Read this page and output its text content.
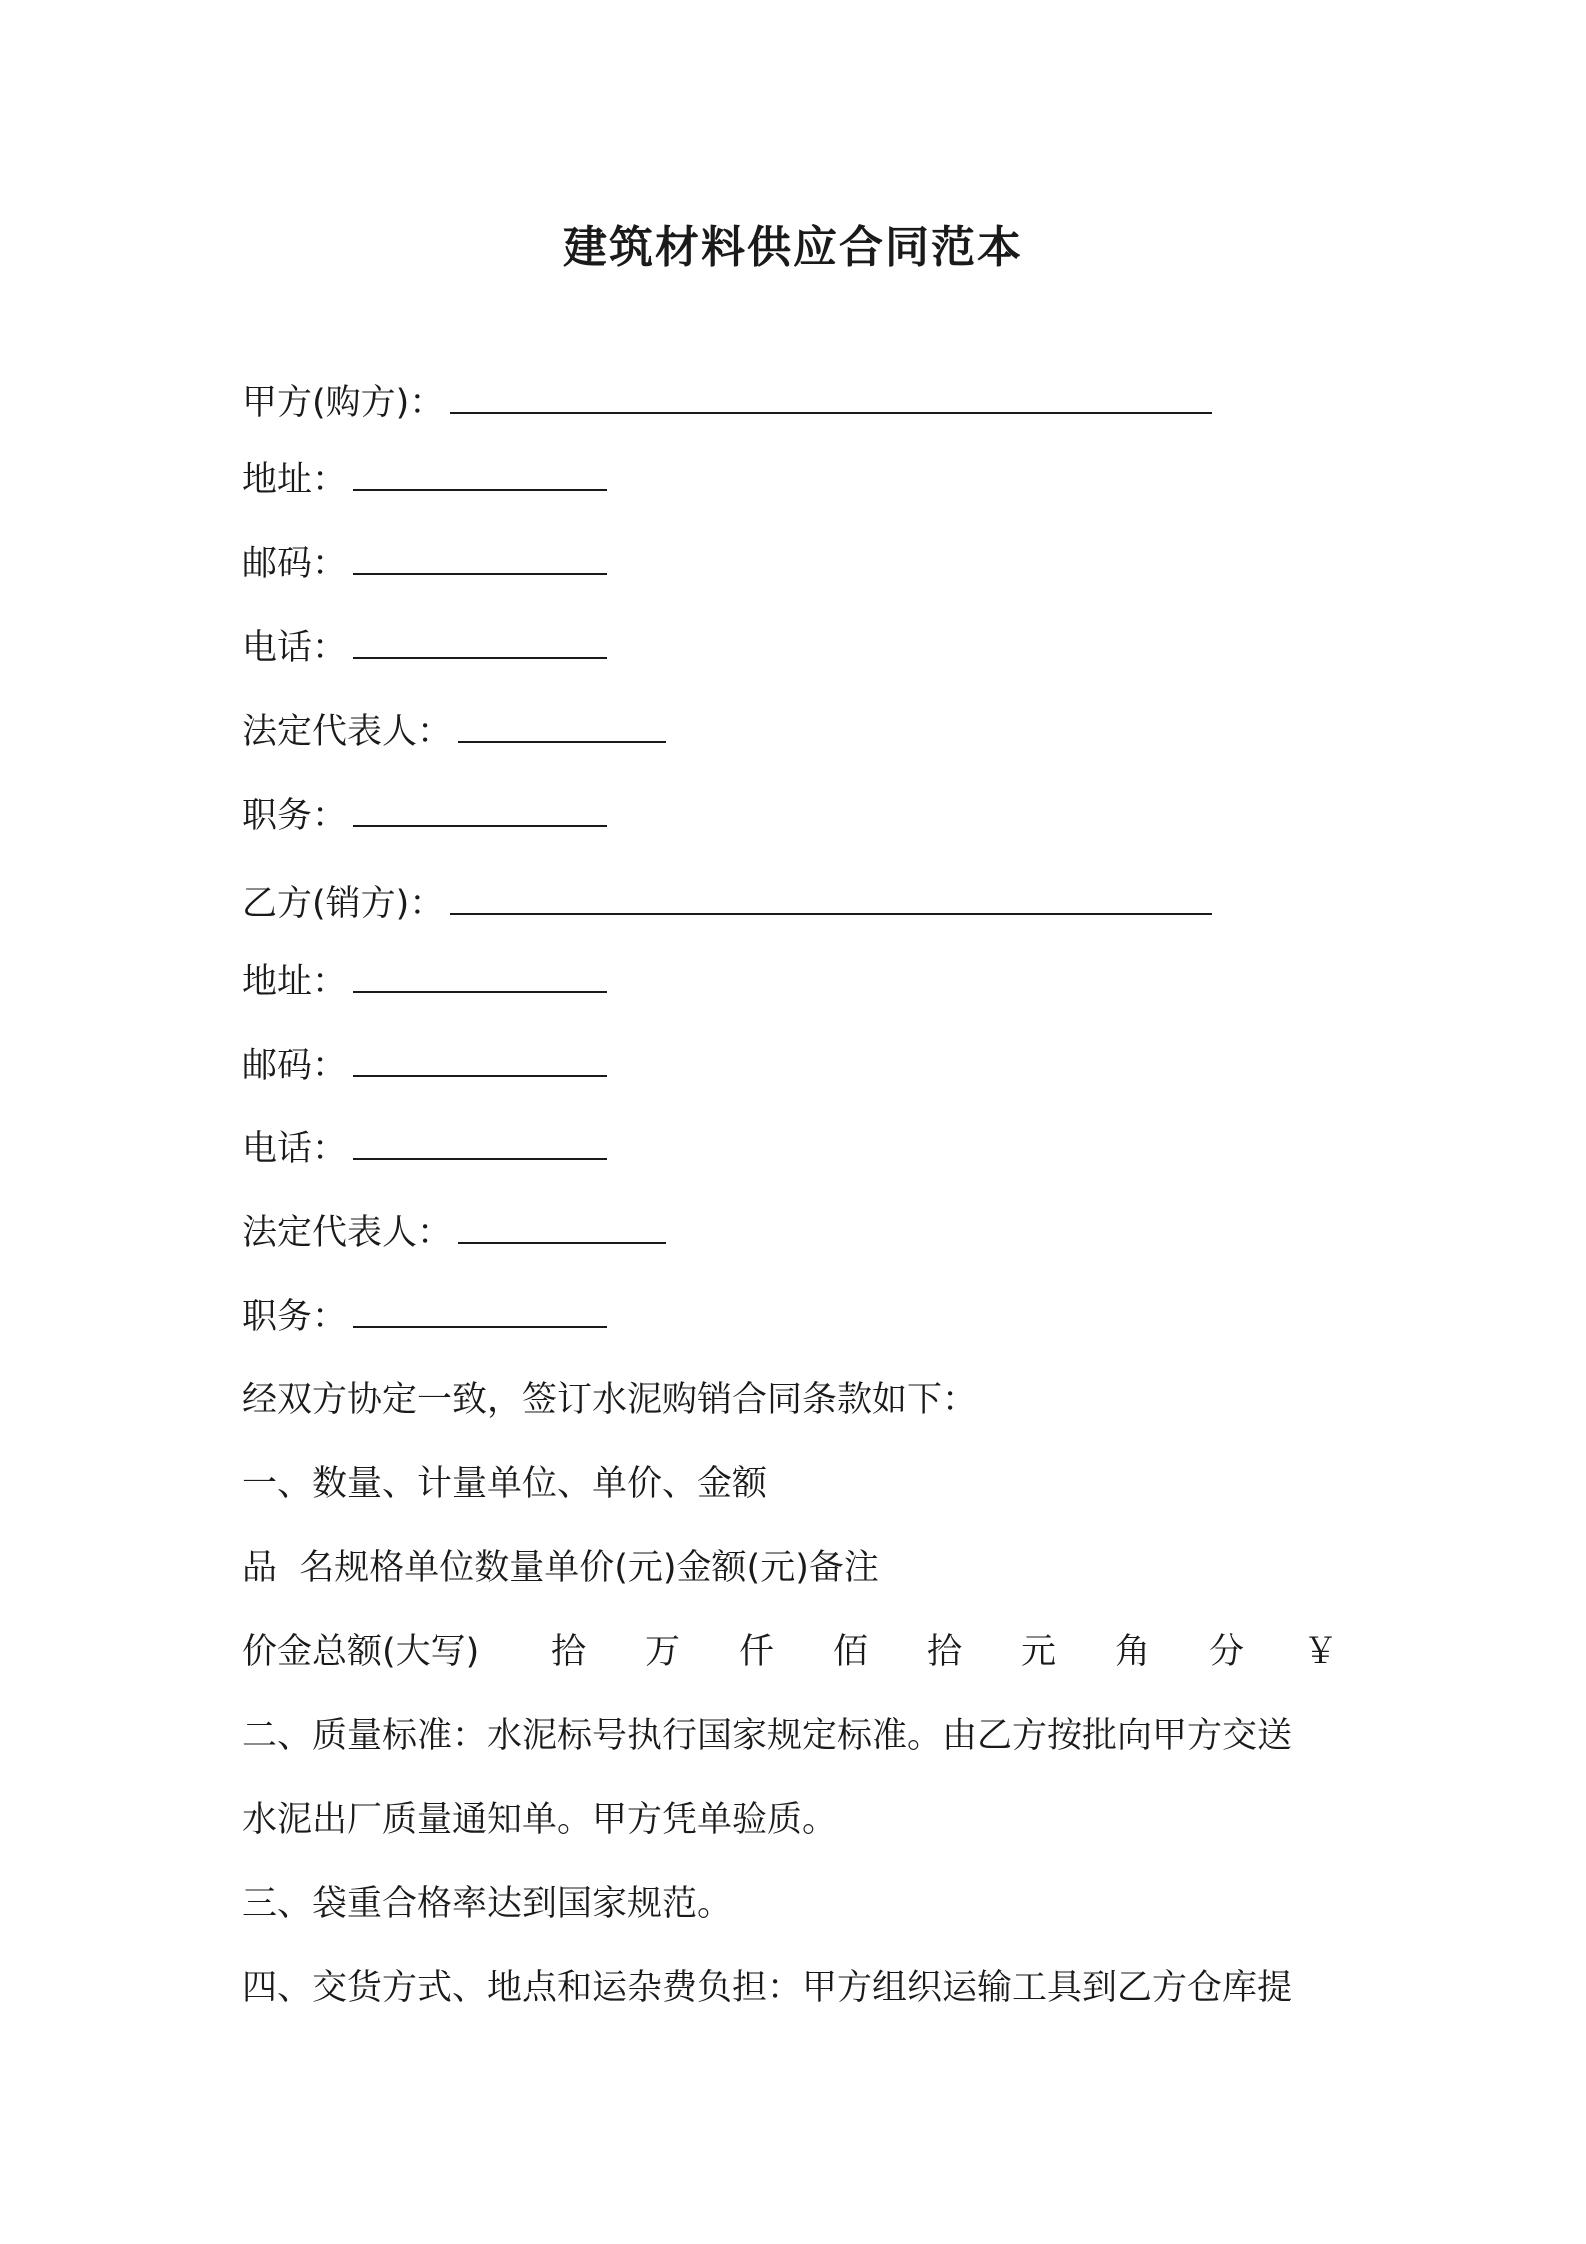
建筑材料供应合同范本
甲方(购方)：
地址：
邮码：
电话：
法定代表人：
职务：
乙方(销方)：
地址：
邮码：
电话：
法定代表人：
职务：
经双方协定一致，签订水泥购销合同条款如下：
一、数量、计量单位、单价、金额
品  名规格单位数量单价(元)金额(元)备注
价金总额(大写) 拾 万 仟 佰 拾 元 角 分 ￥
二、质量标准：水泥标号执行国家规定标准。由乙方按批向甲方交送
水泥出厂质量通知单。甲方凭单验质。
三、袋重合格率达到国家规范。
四、交货方式、地点和运杂费负担：甲方组织运输工具到乙方仓库提
